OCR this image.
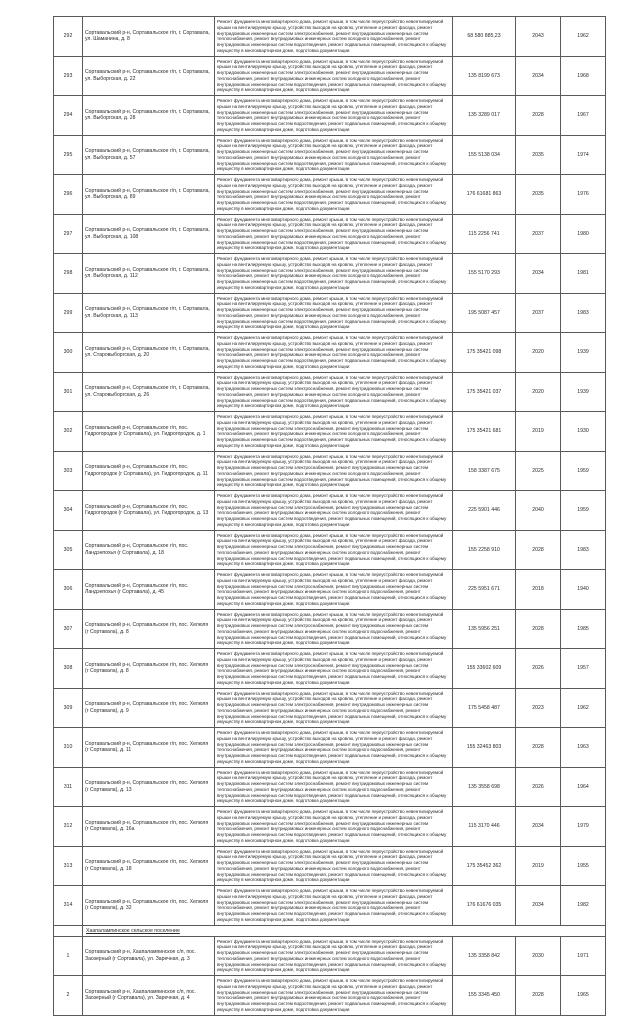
292	Сортавальский р-н, Сортавальское г/п, г. Сортавала,
ул. Шаманина, д. 8	Ремонт фундамента многоквартирного дома, ремонт крыши, в том числе переустройство невентилируемой крыши на вентилируемую крышу, устройство выходов на кровлю, утепление и ремонт фасада, ремонт внутридомовых инженерных систем электроснабжения, ремонт внутридомовых инженерных систем теплоснабжения, ремонт внутридомовых инженерных систем холодного водоснабжения, ремонт внутридомовых инженерных систем водоотведения, ремонт подвальных помещений, относящихся к общему имуществу в многоквартирном доме, подготовка документации	68 580 885,23	2043	1962
293	Сортавальский р-н, Сортавальское г/п, г. Сортавала,
ул. Выборгская, д. 22	Ремонт фундамента многоквартирного дома, ремонт крыши, в том числе переустройство невентилируемой крыши на вентилируемую крышу, устройство выходов на кровлю, утепление и ремонт фасада, ремонт внутридомовых инженерных систем электроснабжения, ремонт внутридомовых инженерных систем теплоснабжения, ремонт внутридомовых инженерных систем холодного водоснабжения, ремонт внутридомовых инженерных систем водоотведения, ремонт подвальных помещений, относящихся к общему имуществу в многоквартирном доме, подготовка документации	135 8199 673	2034	1968
294	Сортавальский р-н, Сортавальское г/п, г. Сортавала,
ул. Выборгская, д. 28	Ремонт фундамента многоквартирного дома, ремонт крыши, в том числе переустройство невентилируемой крыши на вентилируемую крышу, устройство выходов на кровлю, утепление и ремонт фасада, ремонт внутридомовых инженерных систем электроснабжения, ремонт внутридомовых инженерных систем теплоснабжения, ремонт внутридомовых инженерных систем холодного водоснабжения, ремонт внутридомовых инженерных систем водоотведения, ремонт подвальных помещений, относящихся к общему имуществу в многоквартирном доме, подготовка документации	135 3289 017	2028	1967
295	Сортавальский р-н, Сортавальское г/п, г. Сортавала,
ул. Выборгская, д. 57	Ремонт фундамента многоквартирного дома, ремонт крыши, в том числе переустройство невентилируемой крыши на вентилируемую крышу, устройство выходов на кровлю, утепление и ремонт фасада, ремонт внутридомовых инженерных систем электроснабжения, ремонт внутридомовых инженерных систем теплоснабжения, ремонт внутридомовых инженерных систем холодного водоснабжения, ремонт внутридомовых инженерных систем водоотведения, ремонт подвальных помещений, относящихся к общему имуществу в многоквартирном доме, подготовка документации	155 5138 034	2035	1974
296	Сортавальский р-н, Сортавальское г/п, г. Сортавала,
ул. Выборгская, д. 89	Ремонт фундамента многоквартирного дома, ремонт крыши, в том числе переустройство невентилируемой крыши на вентилируемую крышу, устройство выходов на кровлю, утепление и ремонт фасада, ремонт внутридомовых инженерных систем электроснабжения, ремонт внутридомовых инженерных систем теплоснабжения, ремонт внутридомовых инженерных систем холодного водоснабжения, ремонт внутридомовых инженерных систем водоотведения, ремонт подвальных помещений, относящихся к общему имуществу в многоквартирном доме, подготовка документации	176 61681 863	2035	1976
297	Сортавальский р-н, Сортавальское г/п, г. Сортавала,
ул. Выборгская, д. 108	Ремонт фундамента многоквартирного дома, ремонт крыши, в том числе переустройство невентилируемой крыши на вентилируемую крышу, устройство выходов на кровлю, утепление и ремонт фасада, ремонт внутридомовых инженерных систем электроснабжения, ремонт внутридомовых инженерных систем теплоснабжения, ремонт внутридомовых инженерных систем холодного водоснабжения, ремонт внутридомовых инженерных систем водоотведения, ремонт подвальных помещений, относящихся к общему имуществу в многоквартирном доме, подготовка документации	115 2256 741	2037	1980
298	Сортавальский р-н, Сортавальское г/п, г. Сортавала,
ул. Выборгская, д. 112	Ремонт фундамента многоквартирного дома, ремонт крыши, в том числе переустройство невентилируемой крыши на вентилируемую крышу, устройство выходов на кровлю, утепление и ремонт фасада, ремонт внутридомовых инженерных систем электроснабжения, ремонт внутридомовых инженерных систем теплоснабжения, ремонт внутридомовых инженерных систем холодного водоснабжения, ремонт внутридомовых инженерных систем водоотведения, ремонт подвальных помещений, относящихся к общему имуществу в многоквартирном доме, подготовка документации	155 5170 293	2034	1981
299	Сортавальский р-н, Сортавальское г/п, г. Сортавала,
ул. Выборгская, д. 113	Ремонт фундамента многоквартирного дома, ремонт крыши, в том числе переустройство невентилируемой крыши на вентилируемую крышу, устройство выходов на кровлю, утепление и ремонт фасада, ремонт внутридомовых инженерных систем электроснабжения, ремонт внутридомовых инженерных систем теплоснабжения, ремонт внутридомовых инженерных систем холодного водоснабжения, ремонт внутридомовых инженерных систем водоотведения, ремонт подвальных помещений, относящихся к общему имуществу в многоквартирном доме, подготовка документации	195 5087 457	2037	1983
300	Сортавальский р-н, Сортавальское г/п, г. Сортавала,
ул. Старовыборгская, д. 20	Ремонт фундамента многоквартирного дома, ремонт крыши, в том числе переустройство невентилируемой крыши на вентилируемую крышу, устройство выходов на кровлю, утепление и ремонт фасада, ремонт внутридомовых инженерных систем электроснабжения, ремонт внутридомовых инженерных систем теплоснабжения, ремонт внутридомовых инженерных систем холодного водоснабжения, ремонт внутридомовых инженерных систем водоотведения, ремонт подвальных помещений, относящихся к общему имуществу в многоквартирном доме, подготовка документации	175 35421 098	2020	1939
301	Сортавальский р-н, Сортавальское г/п, г. Сортавала,
ул. Старовыборгская, д. 26	Ремонт фундамента многоквартирного дома, ремонт крыши, в том числе переустройство невентилируемой крыши на вентилируемую крышу, устройство выходов на кровлю, утепление и ремонт фасада, ремонт внутридомовых инженерных систем электроснабжения, ремонт внутридомовых инженерных систем теплоснабжения, ремонт внутридомовых инженерных систем холодного водоснабжения, ремонт внутридомовых инженерных систем водоотведения, ремонт подвальных помещений, относящихся к общему имуществу в многоквартирном доме, подготовка документации	175 35421 037	2020	1939
302	Сортавальский р-н, Сортавальское г/п, пос.
Гидрогородок (г Сортавала), ул. Гидрогородок, д. 1	Ремонт фундамента многоквартирного дома, ремонт крыши, в том числе переустройство невентилируемой крыши на вентилируемую крышу, устройство выходов на кровлю, утепление и ремонт фасада, ремонт внутридомовых инженерных систем электроснабжения, ремонт внутридомовых инженерных систем теплоснабжения, ремонт внутридомовых инженерных систем холодного водоснабжения, ремонт внутридомовых инженерных систем водоотведения, ремонт подвальных помещений, относящихся к общему имуществу в многоквартирном доме, подготовка документации	175 35421 681	2019	1930
303	Сортавальский р-н, Сортавальское г/п, пос.
Гидрогородок (г Сортавала), ул. Гидрогородок, д. 11	Ремонт фундамента многоквартирного дома, ремонт крыши, в том числе переустройство невентилируемой крыши на вентилируемую крышу, устройство выходов на кровлю, утепление и ремонт фасада, ремонт внутридомовых инженерных систем электроснабжения, ремонт внутридомовых инженерных систем теплоснабжения, ремонт внутридомовых инженерных систем холодного водоснабжения, ремонт внутридомовых инженерных систем водоотведения, ремонт подвальных помещений, относящихся к общему имуществу в многоквартирном доме, подготовка документации	158 3387 675	2025	1959
304	Сортавальский р-н, Сортавальское г/п, пос.
Гидрогородок (г Сортавала), ул. Гидрогородок, д. 13	Ремонт фундамента многоквартирного дома, ремонт крыши, в том числе переустройство невентилируемой крыши на вентилируемую крышу, устройство выходов на кровлю, утепление и ремонт фасада, ремонт внутридомовых инженерных систем электроснабжения, ремонт внутридомовых инженерных систем теплоснабжения, ремонт внутридомовых инженерных систем холодного водоснабжения, ремонт внутридомовых инженерных систем водоотведения, ремонт подвальных помещений, относящихся к общему имуществу в многоквартирном доме, подготовка документации	225 5901 446	2040	1959
305	Сортавальский р-н, Сортавальское г/п, пос.
Ландэнпохья (г Сортавала), д. 18	Ремонт фундамента многоквартирного дома, ремонт крыши, в том числе переустройство невентилируемой крыши на вентилируемую крышу, устройство выходов на кровлю, утепление и ремонт фасада, ремонт внутридомовых инженерных систем электроснабжения, ремонт внутридомовых инженерных систем теплоснабжения, ремонт внутридомовых инженерных систем холодного водоснабжения, ремонт внутридомовых инженерных систем водоотведения, ремонт подвальных помещений, относящихся к общему имуществу в многоквартирном доме, подготовка документации	155 2258 910	2028	1983
306	Сортавальский р-н, Сортавальское г/п, пос.
Ландэнпохья (г Сортавала), д. 45	Ремонт фундамента многоквартирного дома, ремонт крыши, в том числе переустройство невентилируемой крыши на вентилируемую крышу, устройство выходов на кровлю, утепление и ремонт фасада, ремонт внутридомовых инженерных систем электроснабжения, ремонт внутридомовых инженерных систем теплоснабжения, ремонт внутридомовых инженерных систем холодного водоснабжения, ремонт внутридомовых инженерных систем водоотведения, ремонт подвальных помещений, относящихся к общему имуществу в многоквартирном доме, подготовка документации	225 5951 671	2018	1940
307	Сортавальский р-н, Сортавальское г/п, пос. Хелюля
(г Сортавала), д. 8	Ремонт фундамента многоквартирного дома, ремонт крыши, в том числе переустройство невентилируемой крыши на вентилируемую крышу, устройство выходов на кровлю, утепление и ремонт фасада, ремонт внутридомовых инженерных систем электроснабжения, ремонт внутридомовых инженерных систем теплоснабжения, ремонт внутридомовых инженерных систем холодного водоснабжения, ремонт внутридомовых инженерных систем водоотведения, ремонт подвальных помещений, относящихся к общему имуществу в многоквартирном доме, подготовка документации	135 5956 251	2028	1985
308	Сортавальский р-н, Сортавальское г/п, пос. Хелюля
(г Сортавала), д. 8	Ремонт фундамента многоквартирного дома, ремонт крыши, в том числе переустройство невентилируемой крыши на вентилируемую крышу, устройство выходов на кровлю, утепление и ремонт фасада, ремонт внутридомовых инженерных систем электроснабжения, ремонт внутридомовых инженерных систем теплоснабжения, ремонт внутридомовых инженерных систем холодного водоснабжения, ремонт внутридомовых инженерных систем водоотведения, ремонт подвальных помещений, относящихся к общему имуществу в многоквартирном доме, подготовка документации	155 33602 609	2026	1957
309	Сортавальский р-н, Сортавальское г/п, пос. Хелюля
(г Сортавала), д. 9	Ремонт фундамента многоквартирного дома, ремонт крыши, в том числе переустройство невентилируемой крыши на вентилируемую крышу, устройство выходов на кровлю, утепление и ремонт фасада, ремонт внутридомовых инженерных систем электроснабжения, ремонт внутридомовых инженерных систем теплоснабжения, ремонт внутридомовых инженерных систем холодного водоснабжения, ремонт внутридомовых инженерных систем водоотведения, ремонт подвальных помещений, относящихся к общему имуществу в многоквартирном доме, подготовка документации	175 5458 487	2023	1962
310	Сортавальский р-н, Сортавальское г/п, пос. Хелюля
(г Сортавала), д. 11	Ремонт фундамента многоквартирного дома, ремонт крыши, в том числе переустройство невентилируемой крыши на вентилируемую крышу, устройство выходов на кровлю, утепление и ремонт фасада, ремонт внутридомовых инженерных систем электроснабжения, ремонт внутридомовых инженерных систем теплоснабжения, ремонт внутридомовых инженерных систем холодного водоснабжения, ремонт внутридомовых инженерных систем водоотведения, ремонт подвальных помещений, относящихся к общему имуществу в многоквартирном доме, подготовка документации	155 32463 803	2028	1963
311	Сортавальский р-н, Сортавальское г/п, пос. Хелюля
(г Сортавала), д. 13	Ремонт фундамента многоквартирного дома, ремонт крыши, в том числе переустройство невентилируемой крыши на вентилируемую крышу, устройство выходов на кровлю, утепление и ремонт фасада, ремонт внутридомовых инженерных систем электроснабжения, ремонт внутридомовых инженерных систем теплоснабжения, ремонт внутридомовых инженерных систем холодного водоснабжения, ремонт внутридомовых инженерных систем водоотведения, ремонт подвальных помещений, относящихся к общему имуществу в многоквартирном доме, подготовка документации	135 3558 698	2026	1964
312	Сортавальский р-н, Сортавальское г/п, пос. Хелюля
(г Сортавала), д. 16а	Ремонт фундамента многоквартирного дома, ремонт крыши, в том числе переустройство невентилируемой крыши на вентилируемую крышу, устройство выходов на кровлю, утепление и ремонт фасада, ремонт внутридомовых инженерных систем электроснабжения, ремонт внутридомовых инженерных систем теплоснабжения, ремонт внутридомовых инженерных систем холодного водоснабжения, ремонт внутридомовых инженерных систем водоотведения, ремонт подвальных помещений, относящихся к общему имуществу в многоквартирном доме, подготовка документации	115 3170 446	2034	1979
313	Сортавальский р-н, Сортавальское г/п, пос. Хелюля
(г Сортавала), д. 18	Ремонт фундамента многоквартирного дома, ремонт крыши, в том числе переустройство невентилируемой крыши на вентилируемую крышу, устройство выходов на кровлю, утепление и ремонт фасада, ремонт внутридомовых инженерных систем электроснабжения, ремонт внутридомовых инженерных систем теплоснабжения, ремонт внутридомовых инженерных систем холодного водоснабжения, ремонт внутридомовых инженерных систем водоотведения, ремонт подвальных помещений, относящихся к общему имуществу в многоквартирном доме, подготовка документации	175 35452 362	2019	1955
314	Сортавальский р-н, Сортавальское г/п, пос. Хелюля
(г Сортавала), д. 32	Ремонт фундамента многоквартирного дома, ремонт крыши, в том числе переустройство невентилируемой крыши на вентилируемую крышу, устройство выходов на кровлю, утепление и ремонт фасада, ремонт внутридомовых инженерных систем электроснабжения, ремонт внутридомовых инженерных систем теплоснабжения, ремонт внутридомовых инженерных систем холодного водоснабжения, ремонт внутридомовых инженерных систем водоотведения, ремонт подвальных помещений, относящихся к общему имуществу в многоквартирном доме, подготовка документации	176 61676 035	2034	1982
	Хаапалампинское сельское поселение				
1	Сортавальский р-н, Хаапалампинское с/п, пос.
Заозерный (г Сортавала), ул. Заречная, д. 3	Ремонт фундамента многоквартирного дома, ремонт крыши, в том числе переустройство невентилируемой крыши на вентилируемую крышу, устройство выходов на кровлю, утепление и ремонт фасада, ремонт внутридомовых инженерных систем электроснабжения, ремонт внутридомовых инженерных систем теплоснабжения, ремонт внутридомовых инженерных систем холодного водоснабжения, ремонт внутридомовых инженерных систем водоотведения, ремонт подвальных помещений, относящихся к общему имуществу в многоквартирном доме, подготовка документации	135 3358 842	2030	1971
2	Сортавальский р-н, Хаапалампинское с/п, пос.
Заозерный (г Сортавала), ул. Заречная, д. 4	Ремонт фундамента многоквартирного дома, ремонт крыши, в том числе переустройство невентилируемой крыши на вентилируемую крышу, устройство выходов на кровлю, утепление и ремонт фасада, ремонт внутридомовых инженерных систем электроснабжения, ремонт внутридомовых инженерных систем теплоснабжения, ремонт внутридомовых инженерных систем холодного водоснабжения, ремонт внутридомовых инженерных систем водоотведения, ремонт подвальных помещений, относящихся к общему имуществу в многоквартирном доме, подготовка документации	155 3345 450	2028	1965
